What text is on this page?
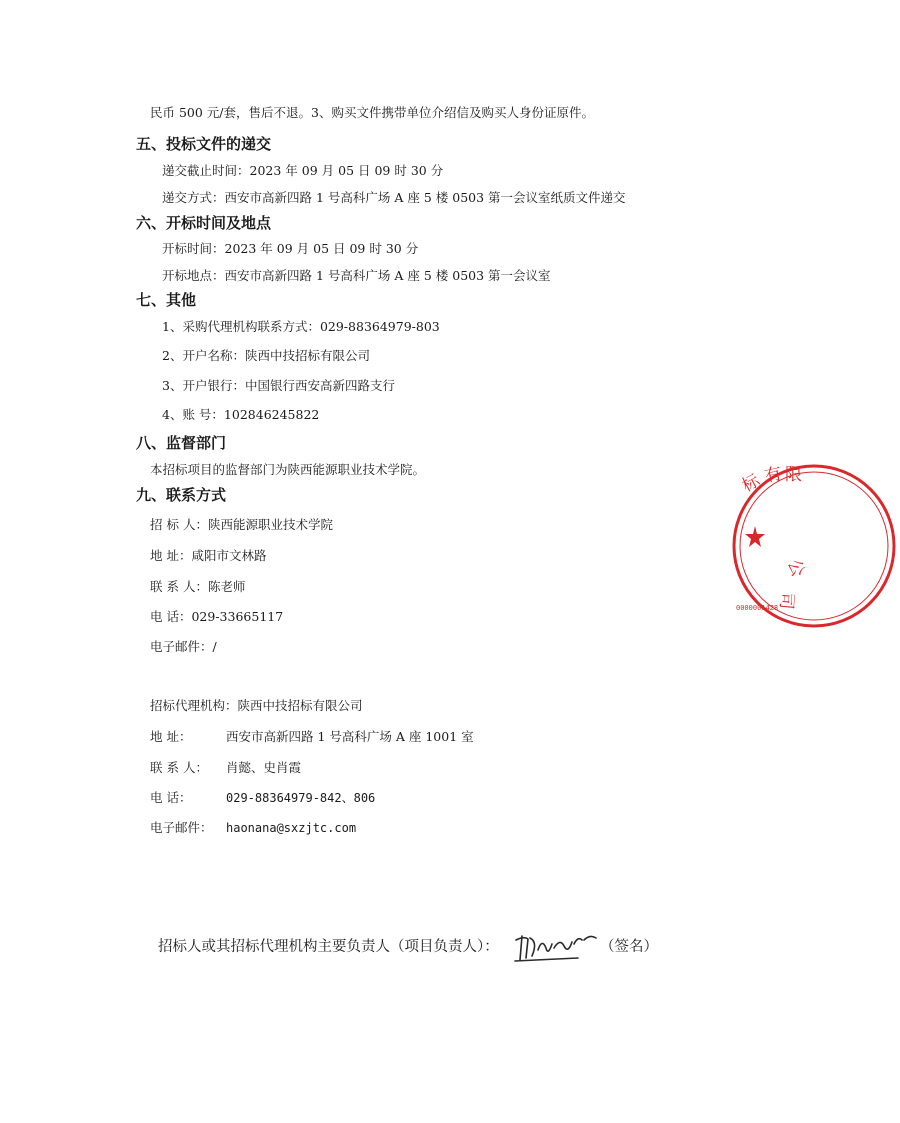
民币 500 元/套，售后不退。3、购买文件携带单位介绍信及购买人身份证原件。
五、投标文件的递交
递交截止时间：2023 年 09 月 05 日 09 时 30 分
递交方式：西安市高新四路 1 号高科广场 A 座 5 楼 0503 第一会议室纸质文件递交
六、开标时间及地点
开标时间：2023 年 09 月 05 日 09 时 30 分
开标地点：西安市高新四路 1 号高科广场 A 座 5 楼 0503 第一会议室
七、其他
1、采购代理机构联系方式：029-88364979-803
2、开户名称：陕西中技招标有限公司
3、开户银行：中国银行西安高新四路支行
4、账 号：102846245822
八、监督部门
本招标项目的监督部门为陕西能源职业技术学院。
九、联系方式
招 标 人：陕西能源职业技术学院
地 址：咸阳市文林路
联 系 人：陈老师
电 话：029-33665117
电子邮件：/
招标代理机构：陕西中技招标有限公司
地 址：	西安市高新四路 1 号高科广场 A 座 1001 室
联 系 人： 肖懿、史肖霞
电 话：	029-88364979-842、806
电子邮件： haonana@sxzjtc.com
招标人或其招标代理机构主要负责人（项目负责人）：	（签名）
标 有 限
公
司
0000001428
